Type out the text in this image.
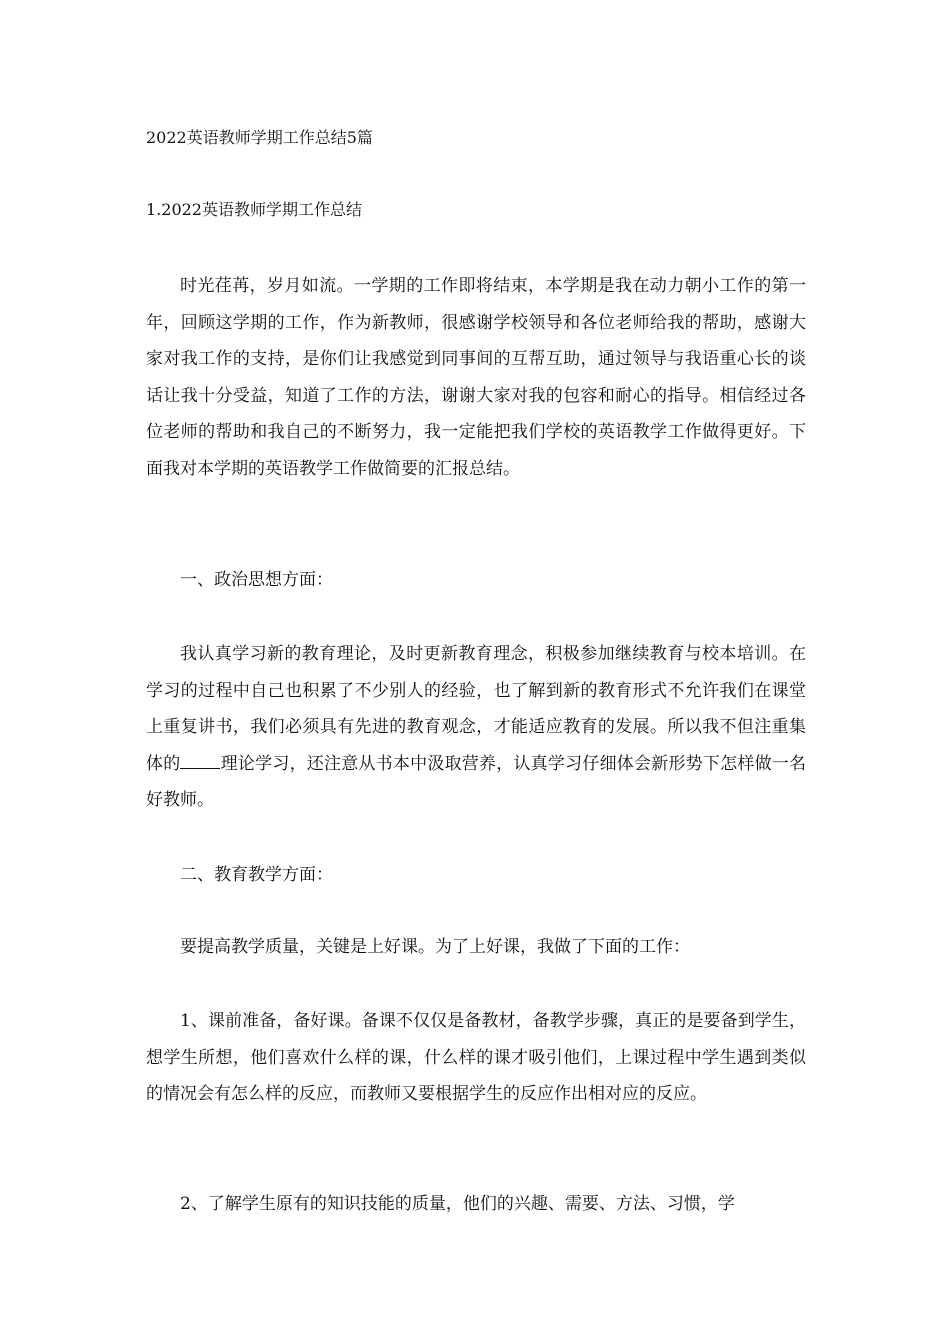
2022英语教师学期工作总结5篇
1.2022英语教师学期工作总结

时光荏苒，岁月如流。一学期的工作即将结束，本学期是我在动力朝小工作的第一年，回顾这学期的工作，作为新教师，很感谢学校领导和各位老师给我的帮助，感谢大家对我工作的支持，是你们让我感觉到同事间的互帮互助，通过领导与我语重心长的谈话让我十分受益，知道了工作的方法，谢谢大家对我的包容和耐心的指导。相信经过各位老师的帮助和我自己的不断努力，我一定能把我们学校的英语教学工作做得更好。下面我对本学期的英语教学工作做简要的汇报总结。

一、政治思想方面：

我认真学习新的教育理论，及时更新教育理念，积极参加继续教育与校本培训。在学习的过程中自己也积累了不少别人的经验，也了解到新的教育形式不允许我们在课堂上重复讲书，我们必须具有先进的教育观念，才能适应教育的发展。所以我不但注重集体的 理论学习，还注意从书本中汲取营养，认真学习仔细体会新形势下怎样做一名好教师。

二、教育教学方面：

要提高教学质量，关键是上好课。为了上好课，我做了下面的工作：

1、课前准备，备好课。备课不仅仅是备教材，备教学步骤，真正的是要备到学生，想学生所想，他们喜欢什么样的课，什么样的课才吸引他们，上课过程中学生遇到类似的情况会有怎么样的反应，而教师又要根据学生的反应作出相对应的反应。

2、了解学生原有的知识技能的质量，他们的兴趣、需要、方法、习惯，学
